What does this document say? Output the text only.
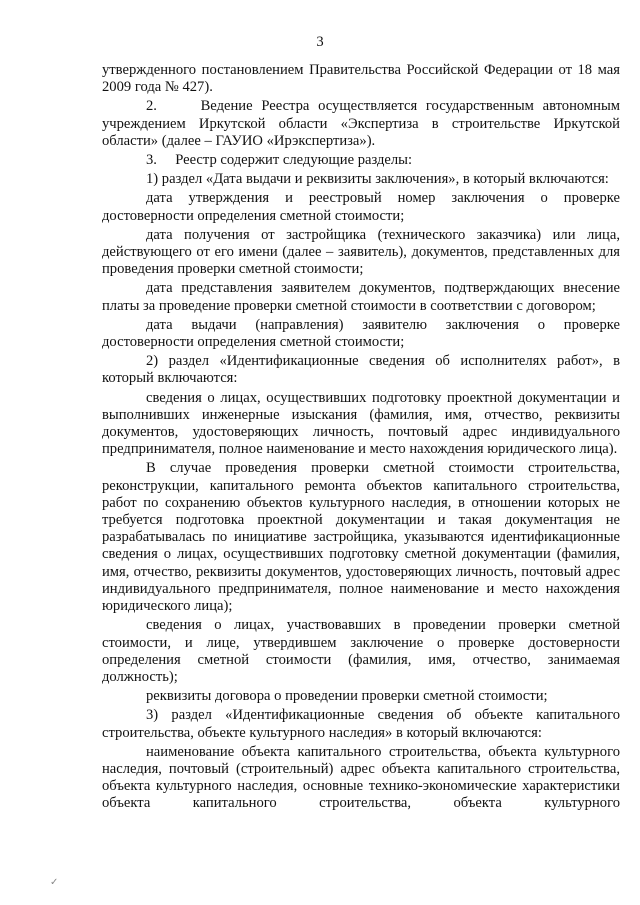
3

утвержденного постановлением Правительства Российской Федерации от 18 мая 2009 года № 427).

2.     Ведение Реестра осуществляется государственным автономным учреждением Иркутской области «Экспертиза в строительстве Иркутской области» (далее – ГАУИО «Ирэкспертиза»).

3.     Реестр содержит следующие разделы:

1) раздел «Дата выдачи и реквизиты заключения», в который включаются:

дата утверждения и реестровый номер заключения о проверке достоверности определения сметной стоимости;

дата получения от застройщика (технического заказчика) или лица, действующего от его имени (далее – заявитель), документов, представленных для проведения проверки сметной стоимости;

дата представления заявителем документов, подтверждающих внесение платы за проведение проверки сметной стоимости в соответствии с договором;

дата выдачи (направления) заявителю заключения о проверке достоверности определения сметной стоимости;

2) раздел «Идентификационные сведения об исполнителях работ», в который включаются:

сведения о лицах, осуществивших подготовку проектной документации и выполнивших инженерные изыскания (фамилия, имя, отчество, реквизиты документов, удостоверяющих личность, почтовый адрес индивидуального предпринимателя, полное наименование и место нахождения юридического лица).

В случае проведения проверки сметной стоимости строительства, реконструкции, капитального ремонта объектов капитального строительства, работ по сохранению объектов культурного наследия, в отношении которых не требуется подготовка проектной документации и такая документация не разрабатывалась по инициативе застройщика, указываются идентификационные сведения о лицах, осуществивших подготовку сметной документации (фамилия, имя, отчество, реквизиты документов, удостоверяющих личность, почтовый адрес индивидуального предпринимателя, полное наименование и место нахождения юридического лица);

сведения о лицах, участвовавших в проведении проверки сметной стоимости, и лице, утвердившем заключение о проверке достоверности определения сметной стоимости (фамилия, имя, отчество, занимаемая должность);

реквизиты договора о проведении проверки сметной стоимости;

3) раздел «Идентификационные сведения об объекте капитального строительства, объекте культурного наследия» в который включаются:

наименование объекта капитального строительства, объекта культурного наследия, почтовый (строительный) адрес объекта капитального строительства, объекта культурного наследия, основные технико-экономические характеристики объекта капитального строительства, объекта культурного

✓
